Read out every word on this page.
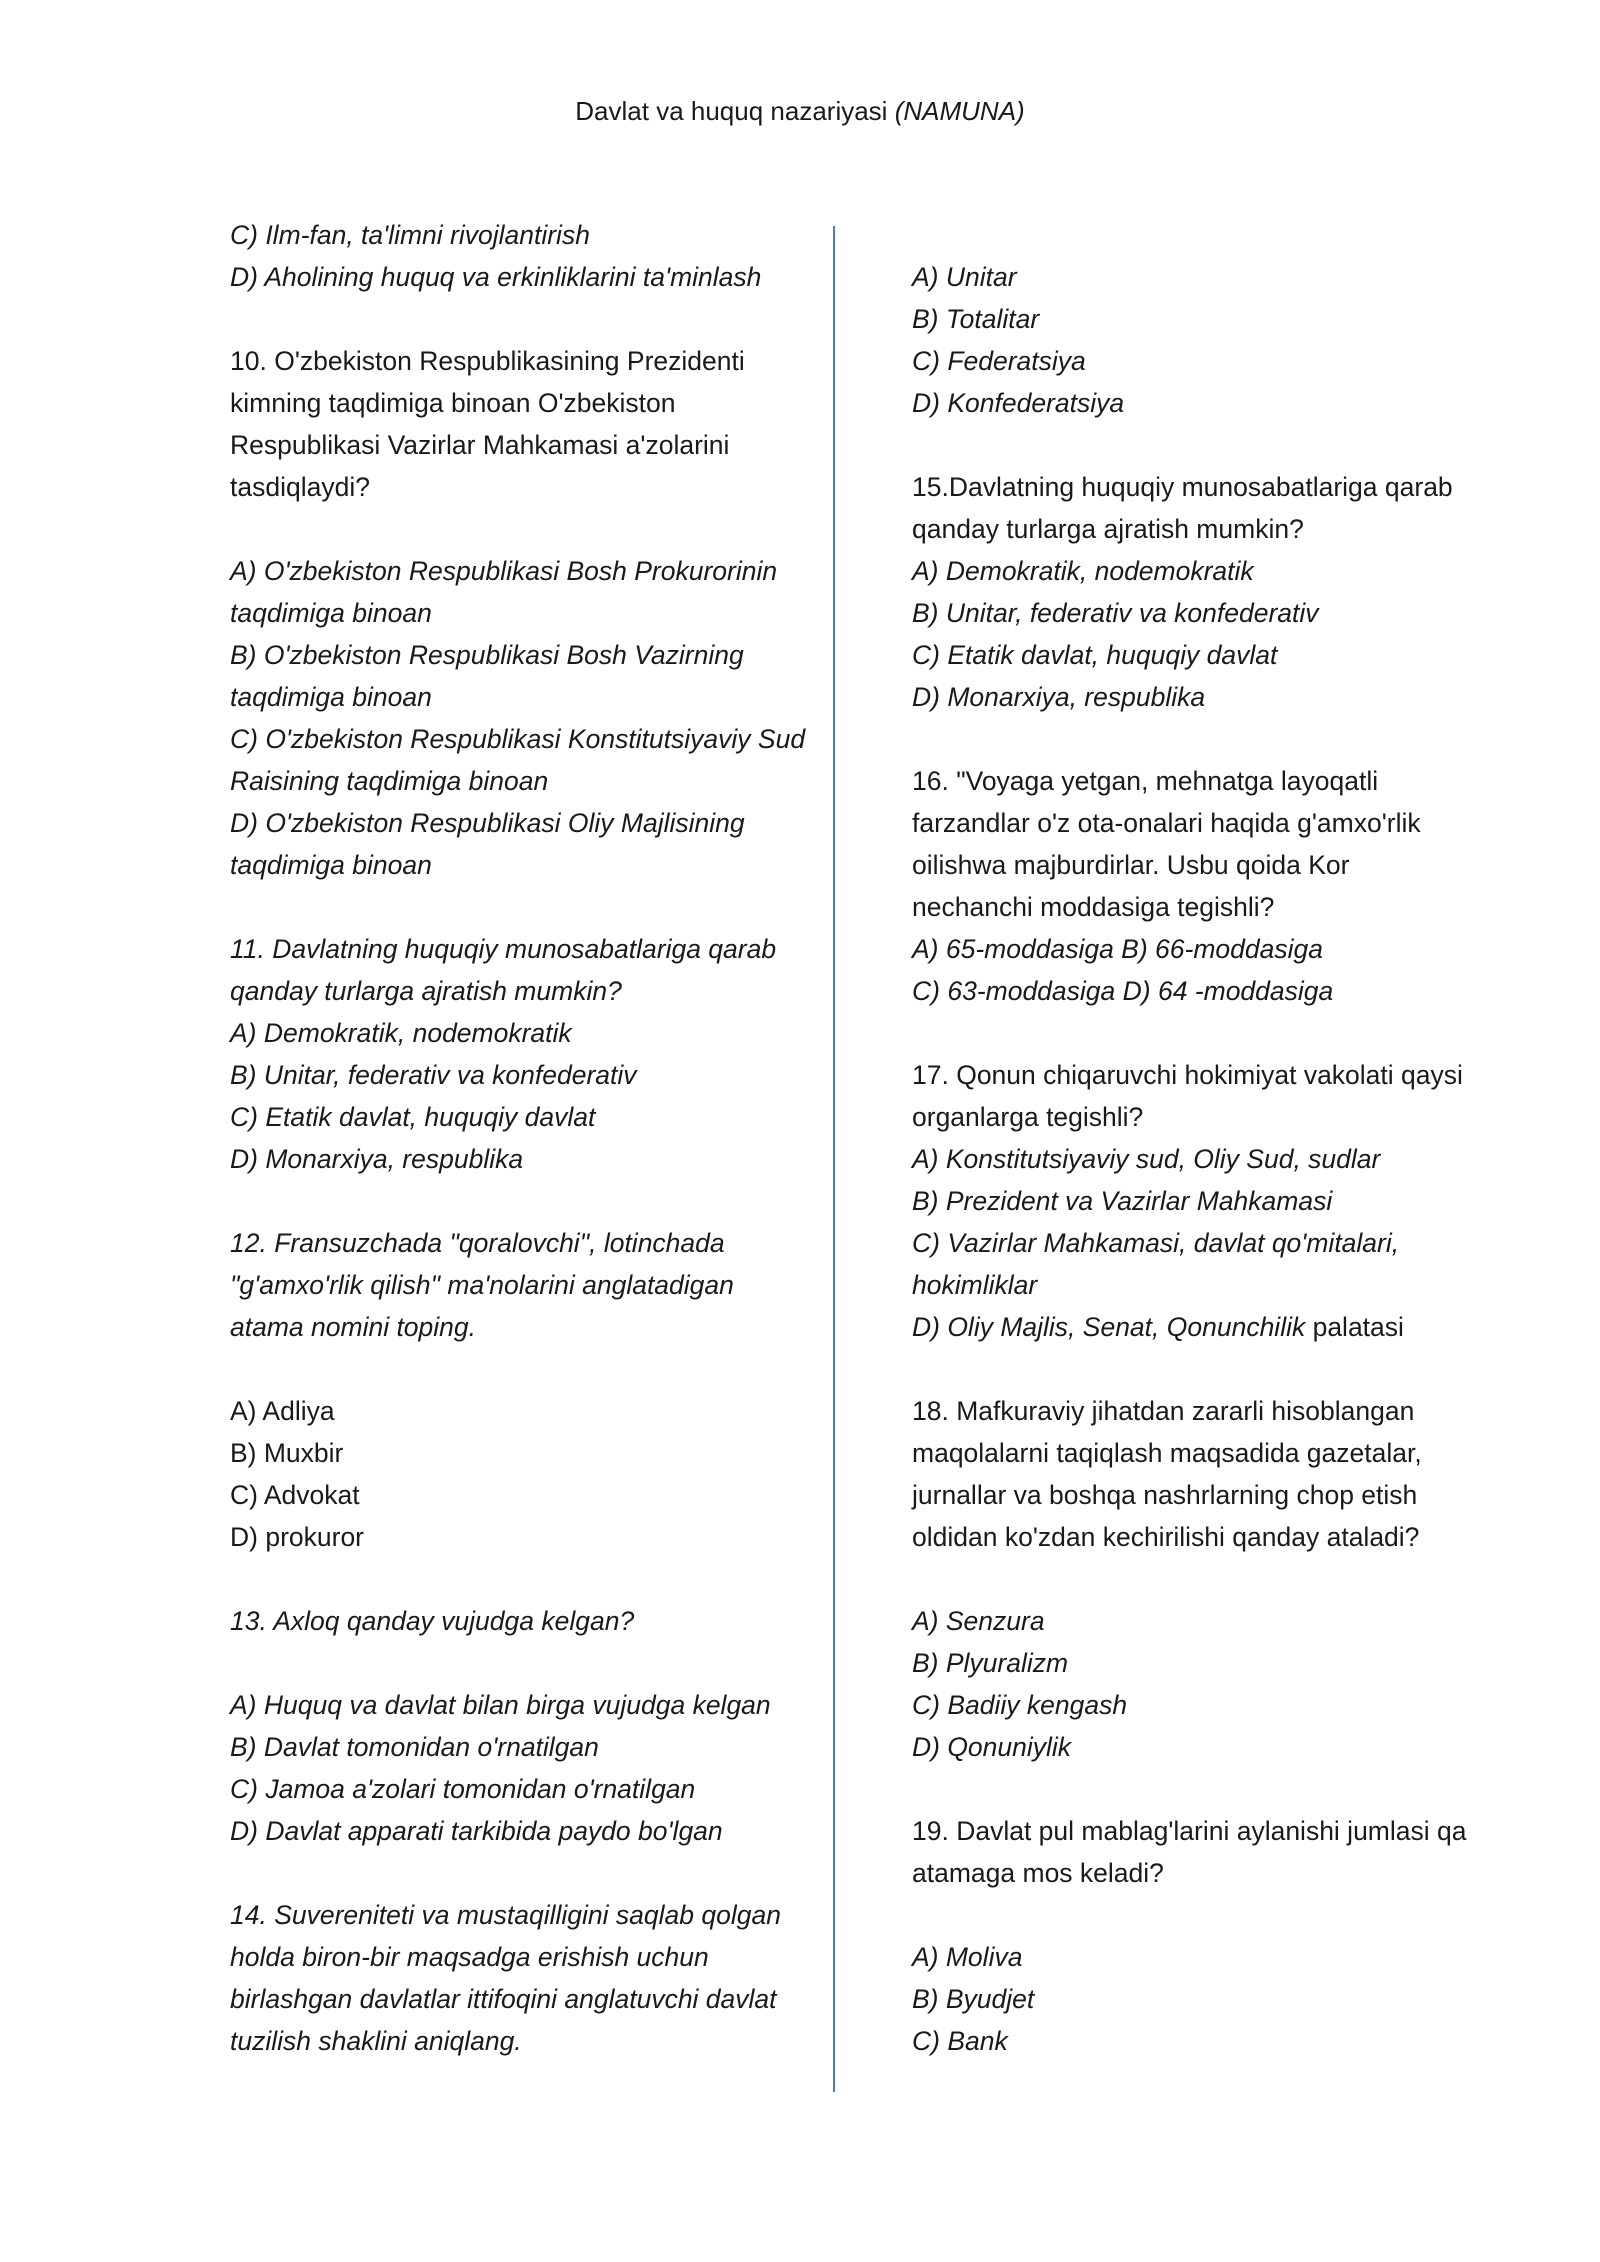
Davlat va huquq nazariyasi (NAMUNA)
C) Ilm-fan, ta'limni rivojlantirish
D) Aholining huquq va erkinliklarini ta'minlash
10. O'zbekiston Respublikasining Prezidenti
kimning taqdimiga binoan O'zbekiston
Respublikasi Vazirlar Mahkamasi a'zolarini
tasdiqlaydi?
A) O'zbekiston Respublikasi Bosh Prokurorinin
taqdimiga binoan
B) O'zbekiston Respublikasi Bosh Vazirning
taqdimiga binoan
C) O'zbekiston Respublikasi Konstitutsiyaviy Sud
Raisining taqdimiga binoan
D) O'zbekiston Respublikasi Oliy Majlisining
taqdimiga binoan
11. Davlatning huquqiy munosabatlariga qarab
qanday turlarga ajratish mumkin?
A) Demokratik, nodemokratik
B) Unitar, federativ va konfederativ
C) Etatik davlat, huquqiy davlat
D) Monarxiya, respublika
12. Fransuzchada "qoralovchi", lotinchada
"g'amxo'rlik qilish" ma'nolarini anglatadigan
atama nomini toping.
A) Adliya
B) Muxbir
C) Advokat
D) prokuror
13. Axloq qanday vujudga kelgan?
A) Huquq va davlat bilan birga vujudga kelgan
B) Davlat tomonidan o'rnatilgan
C) Jamoa a'zolari tomonidan o'rnatilgan
D) Davlat apparati tarkibida paydo bo'lgan
14. Suvereniteti va mustaqilligini saqlab qolgan
holda biron-bir maqsadga erishish uchun
birlashgan davlatlar ittifoqini anglatuvchi davlat
tuzilish shaklini aniqlang.
A) Unitar
B) Totalitar
C) Federatsiya
D) Konfederatsiya
15.Davlatning huquqiy munosabatlariga qarab
qanday turlarga ajratish mumkin?
A) Demokratik, nodemokratik
B) Unitar, federativ va konfederativ
C) Etatik davlat, huquqiy davlat
D) Monarxiya, respublika
16. "Voyaga yetgan, mehnatga layoqatli
farzandlar o'z ota-onalari haqida g'amxo'rlik
oilishwa majburdirlar. Usbu qoida Kor
nechanchi moddasiga tegishli?
A) 65-moddasiga B) 66-moddasiga
C) 63-moddasiga D) 64 -moddasiga
17. Qonun chiqaruvchi hokimiyat vakolati qaysi
organlarga tegishli?
A) Konstitutsiyaviy sud, Oliy Sud, sudlar
B) Prezident va Vazirlar Mahkamasi
C) Vazirlar Mahkamasi, davlat qo'mitalari,
hokimliklar
D) Oliy Majlis, Senat, Qonunchilik palatasi
18. Mafkuraviy jihatdan zararli hisoblangan
maqolalarni taqiqlash maqsadida gazetalar,
jurnallar va boshqa nashrlarning chop etish
oldidan ko'zdan kechirilishi qanday ataladi?
A) Senzura
B) Plyuralizm
C) Badiiy kengash
D) Qonuniylik
19. Davlat pul mablag'larini aylanishi jumlasi qa
atamaga mos keladi?
A) Moliva
B) Byudjet
C) Bank
